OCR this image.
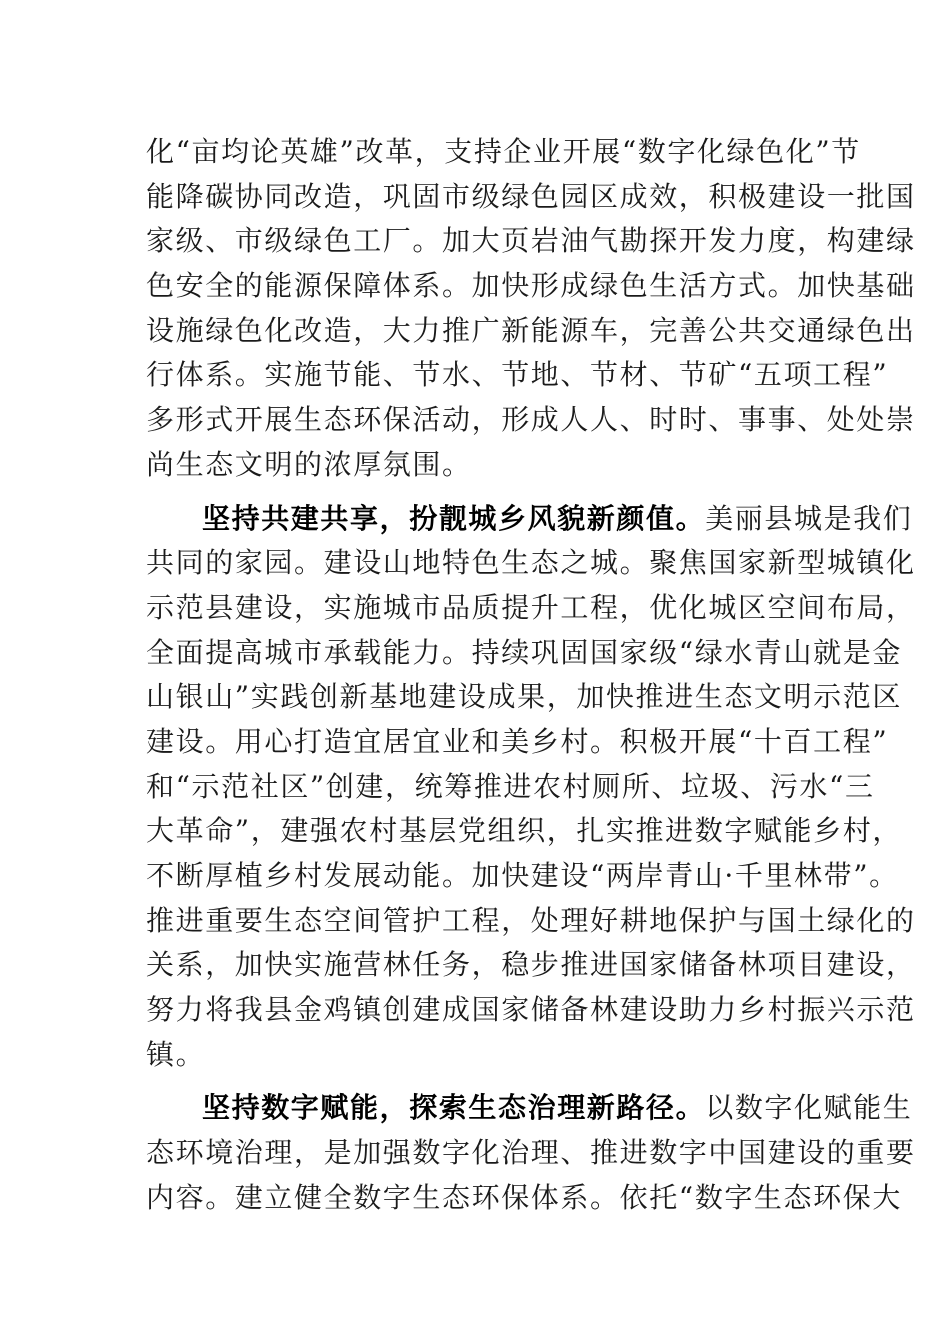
化“亩均论英雄”改革，支持企业开展“数字化绿色化”节
能降碳协同改造，巩固市级绿色园区成效，积极建设一批国
家级、市级绿色工厂。加大页岩油气勘探开发力度，构建绿
色安全的能源保障体系。加快形成绿色生活方式。加快基础
设施绿色化改造，大力推广新能源车，完善公共交通绿色出
行体系。实施节能、节水、节地、节材、节矿“五项工程”
多形式开展生态环保活动，形成人人、时时、事事、处处崇
尚生态文明的浓厚氛围。
坚持共建共享，扮靓城乡风貌新颜值。美丽县城是我们
共同的家园。建设山地特色生态之城。聚焦国家新型城镇化
示范县建设，实施城市品质提升工程，优化城区空间布局，
全面提高城市承载能力。持续巩固国家级“绿水青山就是金
山银山”实践创新基地建设成果，加快推进生态文明示范区
建设。用心打造宜居宜业和美乡村。积极开展“十百工程”
和“示范社区”创建，统筹推进农村厕所、垃圾、污水“三
大革命”，建强农村基层党组织，扎实推进数字赋能乡村，
不断厚植乡村发展动能。加快建设“两岸青山·千里林带”。
推进重要生态空间管护工程，处理好耕地保护与国土绿化的
关系，加快实施营林任务，稳步推进国家储备林项目建设，
努力将我县金鸡镇创建成国家储备林建设助力乡村振兴示范
镇。
坚持数字赋能，探索生态治理新路径。以数字化赋能生
态环境治理，是加强数字化治理、推进数字中国建设的重要
内容。建立健全数字生态环保体系。依托“数字生态环保大
